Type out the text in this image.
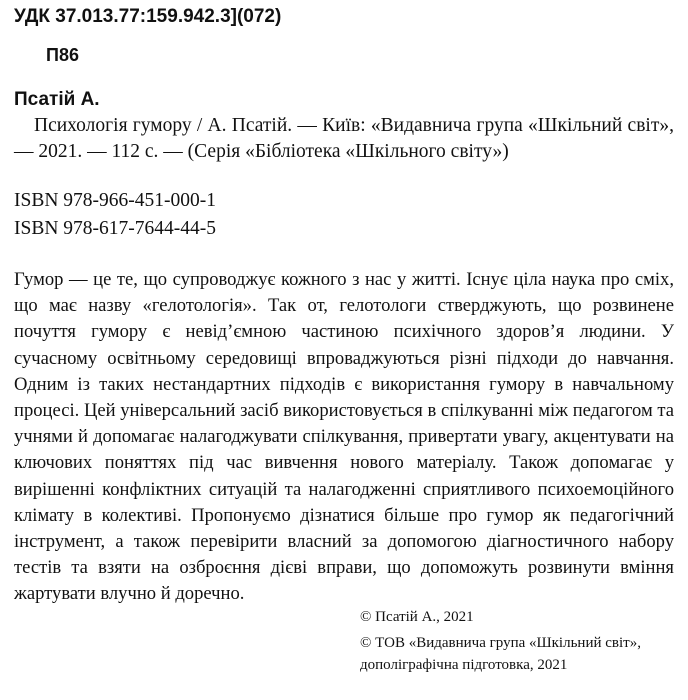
УДК 37.013.77:159.942.3](072)

П86

Псатій А.

Психологія гумору / А. Псатій. — Київ: «Видавнича група «Шкільний світ», — 2021. — 112 с. — (Серія «Бібліотека «Шкільного світу»)

ISBN 978-966-451-000-1

ISBN 978-617-7644-44-5

Гумор — це те, що супроводжує кожного з нас у житті. Існує ціла наука про сміх, що має назву «гелотологія». Так от, гелотологи стверджують, що розвинене почуття гумору є невід’ємною частиною психічного здоров’я людини. У сучасному освітньому середовищі впроваджуються різні підходи до навчання. Одним із таких нестандартних підходів є використання гумору в навчальному процесі. Цей універсальний засіб використовується в спілкуванні між педагогом та учнями й допомагає налагоджувати спілкування, привертати увагу, акцентувати на ключових поняттях під час вивчення нового матеріалу. Також допомагає у вирішенні конфліктних ситуацій та налагодженні сприятливого психоемоційного клімату в колективі. Пропонуємо дізнатися більше про гумор як педагогічний інструмент, а також перевірити власний за допомогою діагностичного набору тестів та взяти на озброєння дієві вправи, що допоможуть розвинути вміння жартувати влучно й доречно.

© Псатій А., 2021

© ТОВ «Видавнича група «Шкільний світ», дополіграфічна підготовка, 2021
